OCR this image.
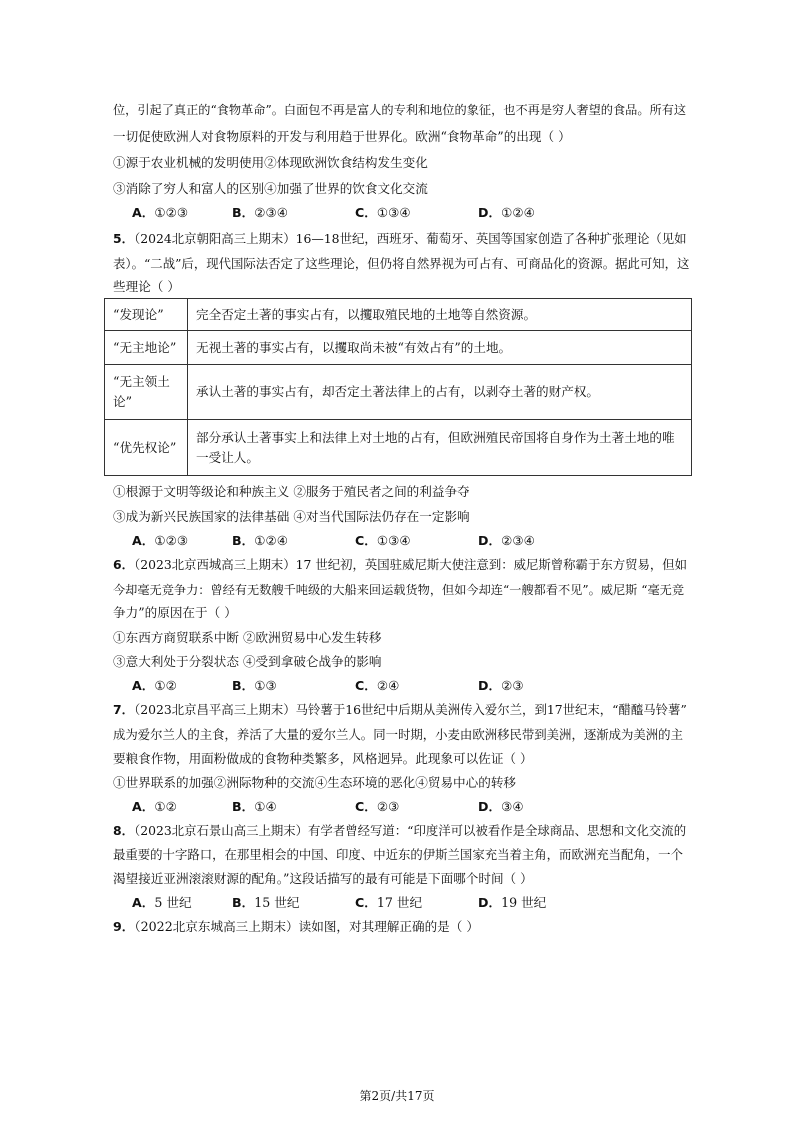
位，引起了真正的“食物革命”。白面包不再是富人的专利和地位的象征，也不再是穷人奢望的食品。所有这
一切促使欧洲人对食物原料的开发与利用趋于世界化。欧洲“食物革命”的出现（ ）
①源于农业机械的发明使用②体现欧洲饮食结构发生变化
③消除了穷人和富人的区别④加强了世界的饮食文化交流
A．①②③	B．②③④	C．①③④	D．①②④
5．（2024北京朝阳高三上期末）16—18世纪，西班牙、葡萄牙、英国等国家创造了各种扩张理论（见如
表）。“二战”后，现代国际法否定了这些理论，但仍将自然界视为可占有、可商品化的资源。据此可知，这
些理论（ ）
“发现论”	完全否定土著的事实占有，以攫取殖民地的土地等自然资源。
“无主地论”	无视土著的事实占有，以攫取尚未被“有效占有”的土地。
“无主领土论”	承认土著的事实占有，却否定土著法律上的占有，以剥夺土著的财产权。
“优先权论”	部分承认土著事实上和法律上对土地的占有，但欧洲殖民帝国将自身作为土著土地的唯一受让人。
①根源于文明等级论和种族主义 ②服务于殖民者之间的利益争夺
③成为新兴民族国家的法律基础 ④对当代国际法仍存在一定影响
A．①②③	B．①②④	C．①③④	D．②③④
6．（2023北京西城高三上期末）17 世纪初，英国驻威尼斯大使注意到：威尼斯曾称霸于东方贸易，但如
今却毫无竞争力：曾经有无数艘千吨级的大船来回运载货物，但如今却连“一艘都看不见”。威尼斯 “毫无竞
争力”的原因在于（ ）
①东西方商贸联系中断 ②欧洲贸易中心发生转移
③意大利处于分裂状态 ④受到拿破仑战争的影响
A．①②	B．①③	C．②④	D．②③
7．（2023北京昌平高三上期末）马铃薯于16世纪中后期从美洲传入爱尔兰，到17世纪末，“醋醯马铃薯”
成为爱尔兰人的主食，养活了大量的爱尔兰人。同一时期，小麦由欧洲移民带到美洲，逐渐成为美洲的主
要粮食作物，用面粉做成的食物种类繁多，风格迥异。此现象可以佐证（ ）
①世界联系的加强②洲际物种的交流④生态环境的恶化④贸易中心的转移
A．①②	B．①④	C．②③	D．③④
8．（2023北京石景山高三上期末）有学者曾经写道：“印度洋可以被看作是全球商品、思想和文化交流的
最重要的十字路口，在那里相会的中国、印度、中近东的伊斯兰国家充当着主角，而欧洲充当配角，一个
渴望接近亚洲滚滚财源的配角。”这段话描写的最有可能是下面哪个时间（ ）
A．5 世纪	B．15 世纪	C．17 世纪	D．19 世纪
9．（2022北京东城高三上期末）读如图，对其理解正确的是（ ）
第2页/共17页
